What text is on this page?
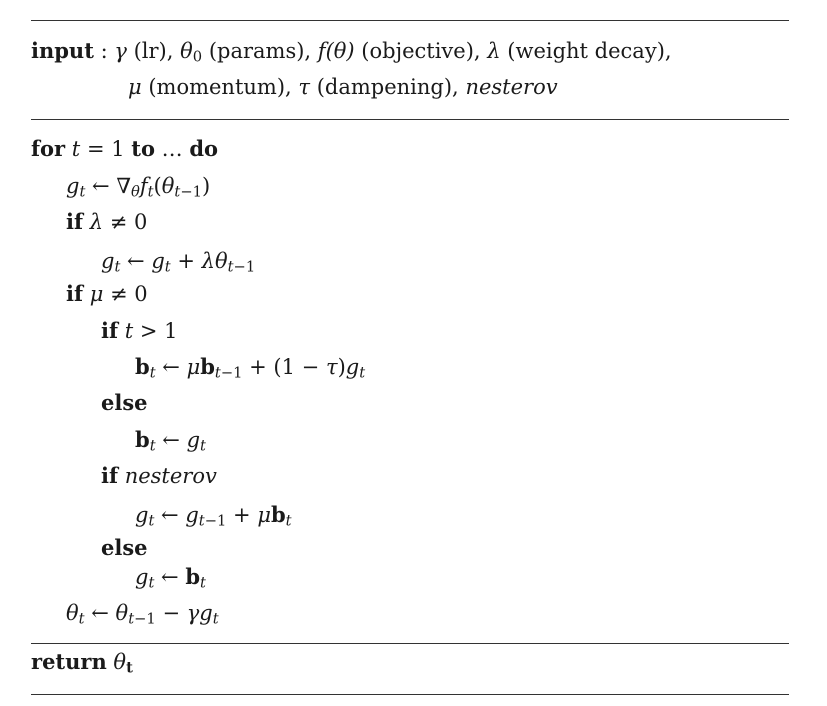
input : γ (lr), $\theta_0$ (params), f(θ) (objective), λ (weight decay),
μ (momentum), τ (dampening), nesterov
for t = 1 to … do
$g_t$ ← $\nabla_\theta f_t(\theta_{t-1})$
if λ ≠ 0
$g_t$ ← $g_t + \lambda\theta_{t-1}$
if μ ≠ 0
if t > 1
$b_t$ ← $\mu b_{t-1} + (1 - \tau)g_t$
else
$b_t$ ← $g_t$
if nesterov
$g_t$ ← $g_{t-1} + \mu b_t$
else
$g_t$ ← $b_t$
$\theta_t$ ← $\theta_{t-1} - \gamma g_t$
return $\theta_t$
